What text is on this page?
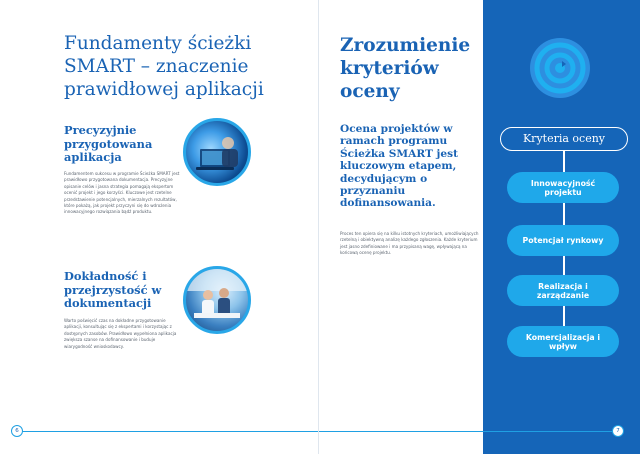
Fundamenty ścieżki SMART – znaczenie prawidłowej aplikacji
Precyzyjnie przygotowana aplikacja

Fundamentem sukcesu w programie Ścieżka SMART jest prawidłowo przygotowana dokumentacja. Precyzyjne opisanie celów i jasna strategia pomagają ekspertom ocenić projekt i jego korzyści. Kluczowe jest rzetelne przedstawienie potencjalnych, mierzalnych rezultatów, które pokażą, jak projekt przyczyni się do wdrożenia innowacyjnego rozwiązania bądź produktu.

Dokładność i przejrzystość w dokumentacji

Warto poświęcić czas na dokładne przygotowanie aplikacji, konsultując się z ekspertami i korzystając z dostępnych zasobów. Prawidłowo wypełniona aplikacja zwiększa szanse na dofinansowanie i buduje wiarygodność wnioskodawcy.

Zrozumienie kryteriów oceny

Ocena projektów w ramach programu Ścieżka SMART jest kluczowym etapem, decydującym o przyznaniu dofinansowania.

Proces ten opiera się na kilku istotnych kryteriach, umożliwiających rzetelną i obiektywną analizę każdego zgłoszenia. Każde kryterium jest jasno zdefiniowane i ma przypisaną wagę, wpływającą na końcową ocenę projektu.

Kryteria oceny
Innowacyjność projektu
Potencjał rynkowy
Realizacja i zarządzanie
Komercjalizacja i wpływ
6	7
